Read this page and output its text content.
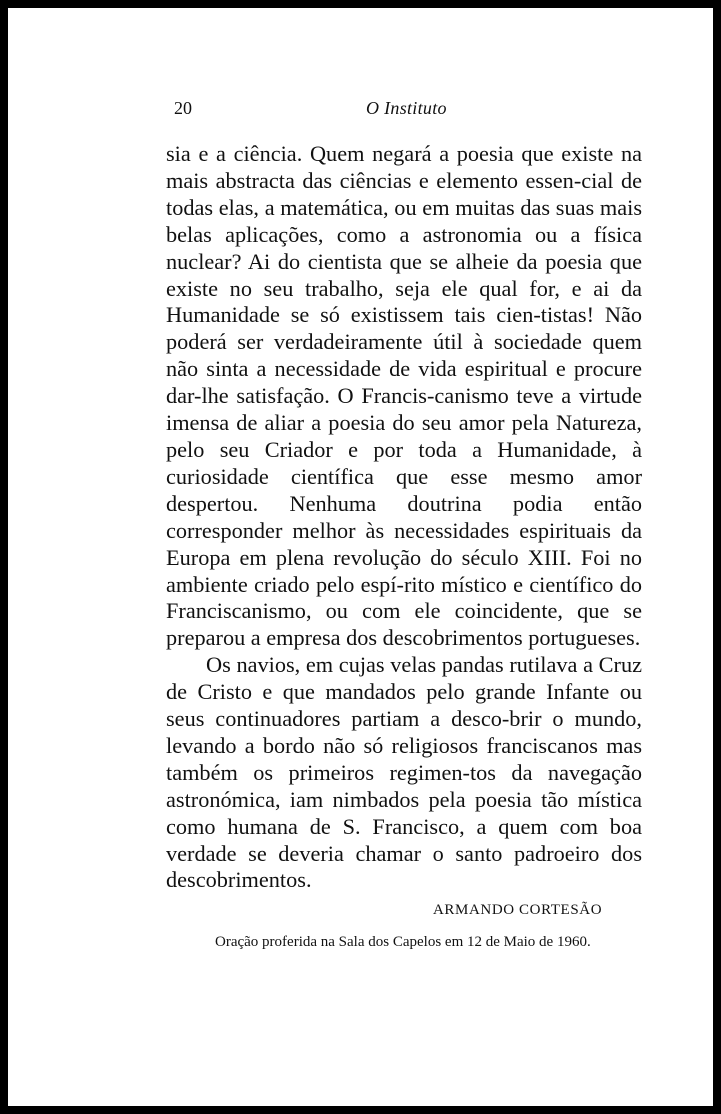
20	O Instituto

sia e a ciência. Quem negará a poesia que existe na mais abstracta das ciências e elemento essen-cial de todas elas, a matemática, ou em muitas das suas mais belas aplicações, como a astronomia ou a física nuclear? Ai do cientista que se alheie da poesia que existe no seu trabalho, seja ele qual for, e ai da Humanidade se só existissem tais cien-tistas! Não poderá ser verdadeiramente útil à sociedade quem não sinta a necessidade de vida espiritual e procure dar-lhe satisfação. O Francis-canismo teve a virtude imensa de aliar a poesia do seu amor pela Natureza, pelo seu Criador e por toda a Humanidade, à curiosidade científica que esse mesmo amor despertou. Nenhuma doutrina podia então corresponder melhor às necessidades espirituais da Europa em plena revolução do século XIII. Foi no ambiente criado pelo espí-rito místico e científico do Franciscanismo, ou com ele coincidente, que se preparou a empresa dos descobrimentos portugueses.

Os navios, em cujas velas pandas rutilava a Cruz de Cristo e que mandados pelo grande Infante ou seus continuadores partiam a desco-brir o mundo, levando a bordo não só religiosos franciscanos mas também os primeiros regimen-tos da navegação astronómica, iam nimbados pela poesia tão mística como humana de S. Francisco, a quem com boa verdade se deveria chamar o santo padroeiro dos descobrimentos.

ARMANDO CORTESÃO
Oração proferida na Sala dos Capelos em 12 de Maio de 1960.
